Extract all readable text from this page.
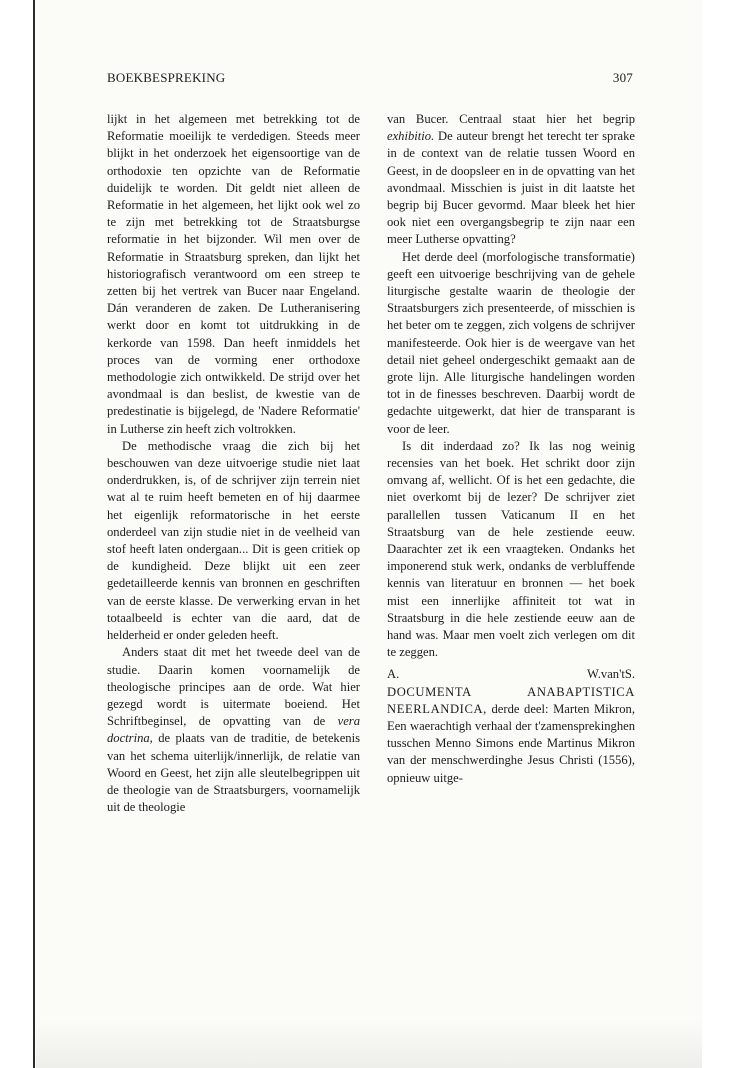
BOEKBESPREKING	307

lijkt in het algemeen met betrekking tot de Reformatie moeilijk te verdedigen. Steeds meer blijkt in het onderzoek het eigensoortige van de orthodoxie ten opzichte van de Reformatie duidelijk te worden. Dit geldt niet alleen de Reformatie in het algemeen, het lijkt ook wel zo te zijn met betrekking tot de Straatsburgse reformatie in het bijzonder. Wil men over de Reformatie in Straatsburg spreken, dan lijkt het historiografisch verantwoord om een streep te zetten bij het vertrek van Bucer naar Engeland. Dán veranderen de zaken. De Lutheranisering werkt door en komt tot uitdrukking in de kerkorde van 1598. Dan heeft inmiddels het proces van de vorming ener orthodoxe methodologie zich ontwikkeld. De strijd over het avondmaal is dan beslist, de kwestie van de predestinatie is bijgelegd, de 'Nadere Reformatie' in Lutherse zin heeft zich voltrokken.

De methodische vraag die zich bij het beschouwen van deze uitvoerige studie niet laat onderdrukken, is, of de schrijver zijn terrein niet wat al te ruim heeft bemeten en of hij daarmee het eigenlijk reformatorische in het eerste onderdeel van zijn studie niet in de veelheid van stof heeft laten ondergaan... Dit is geen critiek op de kundigheid. Deze blijkt uit een zeer gedetailleerde kennis van bronnen en geschriften van de eerste klasse. De verwerking ervan in het totaalbeeld is echter van die aard, dat de helderheid er onder geleden heeft.

Anders staat dit met het tweede deel van de studie. Daarin komen voornamelijk de theologische principes aan de orde. Wat hier gezegd wordt is uitermate boeiend. Het Schriftbeginsel, de opvatting van de vera doctrina, de plaats van de traditie, de betekenis van het schema uiterlijk/innerlijk, de relatie van Woord en Geest, het zijn alle sleutelbegrippen uit de theologie van de Straatsburgers, voornamelijk uit de theologie

van Bucer. Centraal staat hier het begrip exhibitio. De auteur brengt het terecht ter sprake in de context van de relatie tussen Woord en Geest, in de doopsleer en in de opvatting van het avondmaal. Misschien is juist in dit laatste het begrip bij Bucer gevormd. Maar bleek het hier ook niet een overgangsbegrip te zijn naar een meer Lutherse opvatting?

Het derde deel (morfologische transformatie) geeft een uitvoerige beschrijving van de gehele liturgische gestalte waarin de theologie der Straatsburgers zich presenteerde, of misschien is het beter om te zeggen, zich volgens de schrijver manifesteerde. Ook hier is de weergave van het detail niet geheel ondergeschikt gemaakt aan de grote lijn. Alle liturgische handelingen worden tot in de finesses beschreven. Daarbij wordt de gedachte uitgewerkt, dat hier de transparant is voor de leer.

Is dit inderdaad zo? Ik las nog weinig recensies van het boek. Het schrikt door zijn omvang af, wellicht. Of is het een gedachte, die niet overkomt bij de lezer? De schrijver ziet parallellen tussen Vaticanum II en het Straatsburg van de hele zestiende eeuw. Daarachter zet ik een vraagteken. Ondanks het imponerend stuk werk, ondanks de verbluffende kennis van literatuur en bronnen — het boek mist een innerlijke affiniteit tot wat in Straatsburg in die hele zestiende eeuw aan de hand was. Maar men voelt zich verlegen om dit te zeggen.

A.	W.van'tS.

DOCUMENTA ANABAPTISTICA NEERLANDICA, derde deel: Marten Mikron, Een waerachtigh verhaal der t'zamensprekinghen tusschen Menno Simons ende Martinus Mikron van der menschwerdinghe Jesus Christi (1556), opnieuw uitge-
